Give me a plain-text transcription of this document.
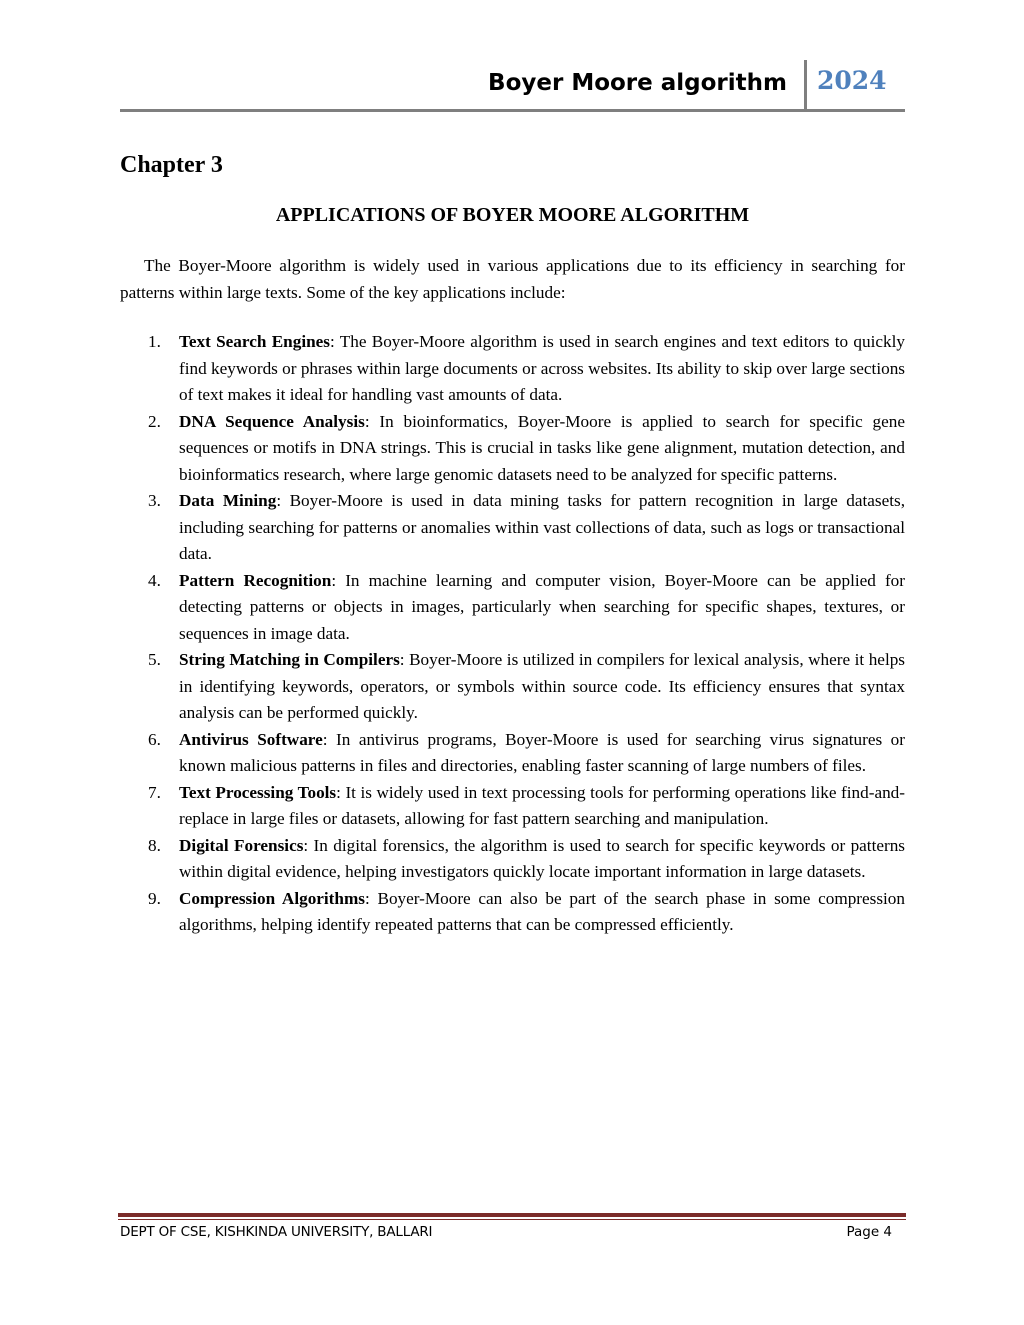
Boyer Moore algorithm 2024
Chapter 3
APPLICATIONS OF BOYER MOORE ALGORITHM

The Boyer-Moore algorithm is widely used in various applications due to its efficiency in searching for patterns within large texts. Some of the key applications include:

1. Text Search Engines: The Boyer-Moore algorithm is used in search engines and text editors to quickly find keywords or phrases within large documents or across websites. Its ability to skip over large sections of text makes it ideal for handling vast amounts of data.
2. DNA Sequence Analysis: In bioinformatics, Boyer-Moore is applied to search for specific gene sequences or motifs in DNA strings. This is crucial in tasks like gene alignment, mutation detection, and bioinformatics research, where large genomic datasets need to be analyzed for specific patterns.
3. Data Mining: Boyer-Moore is used in data mining tasks for pattern recognition in large datasets, including searching for patterns or anomalies within vast collections of data, such as logs or transactional data.
4. Pattern Recognition: In machine learning and computer vision, Boyer-Moore can be applied for detecting patterns or objects in images, particularly when searching for specific shapes, textures, or sequences in image data.
5. String Matching in Compilers: Boyer-Moore is utilized in compilers for lexical analysis, where it helps in identifying keywords, operators, or symbols within source code. Its efficiency ensures that syntax analysis can be performed quickly.
6. Antivirus Software: In antivirus programs, Boyer-Moore is used for searching virus signatures or known malicious patterns in files and directories, enabling faster scanning of large numbers of files.
7. Text Processing Tools: It is widely used in text processing tools for performing operations like find-and-replace in large files or datasets, allowing for fast pattern searching and manipulation.
8. Digital Forensics: In digital forensics, the algorithm is used to search for specific keywords or patterns within digital evidence, helping investigators quickly locate important information in large datasets.
9. Compression Algorithms: Boyer-Moore can also be part of the search phase in some compression algorithms, helping identify repeated patterns that can be compressed efficiently.
DEPT OF CSE, KISHKINDA UNIVERSITY, BALLARI	Page 4
